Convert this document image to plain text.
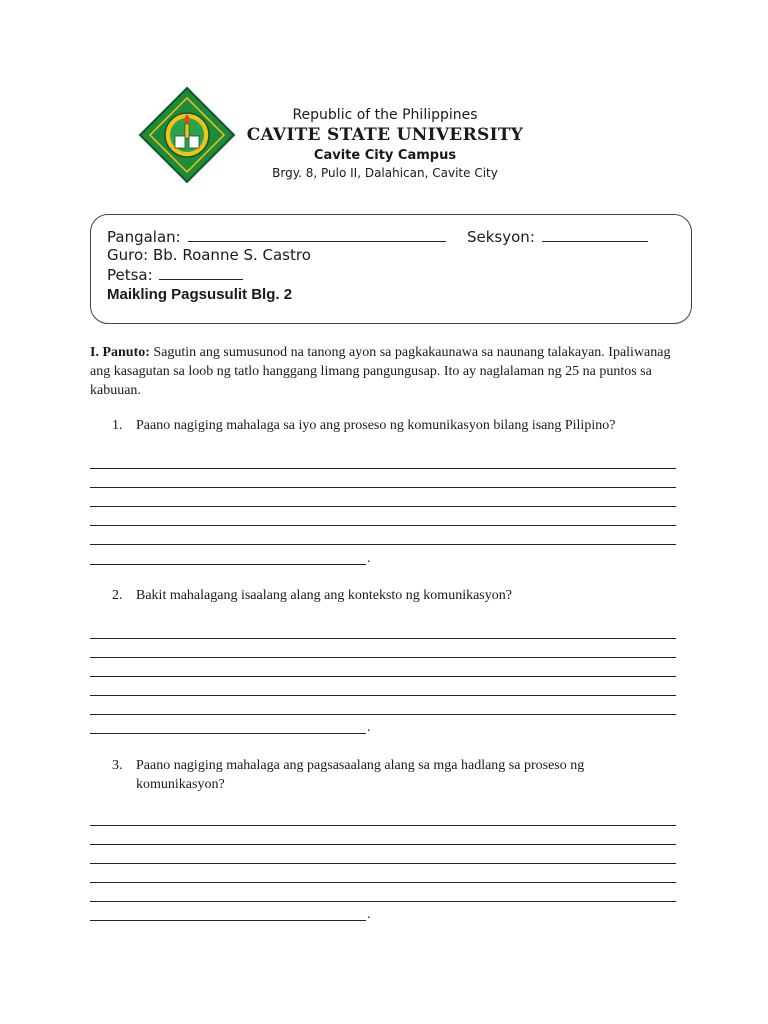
Republic of the Philippines
CAVITE STATE UNIVERSITY
Cavite City Campus
Brgy. 8, Pulo II, Dalahican, Cavite City
Pangalan:	Seksyon:
Guro: Bb. Roanne S. Castro
Petsa:
Maikling Pagsusulit Blg. 2
I. Panuto: Sagutin ang sumusunod na tanong ayon sa pagkakaunawa sa naunang talakayan. Ipaliwanag ang kasagutan sa loob ng tatlo hanggang limang pangungusap. Ito ay naglalaman ng 25 na puntos sa kabuuan.
1. Paano nagiging mahalaga sa iyo ang proseso ng komunikasyon bilang isang Pilipino?
.
2. Bakit mahalagang isaalang alang ang konteksto ng komunikasyon?
.
3. Paano nagiging mahalaga ang pagsasaalang alang sa mga hadlang sa proseso ng komunikasyon?
.
